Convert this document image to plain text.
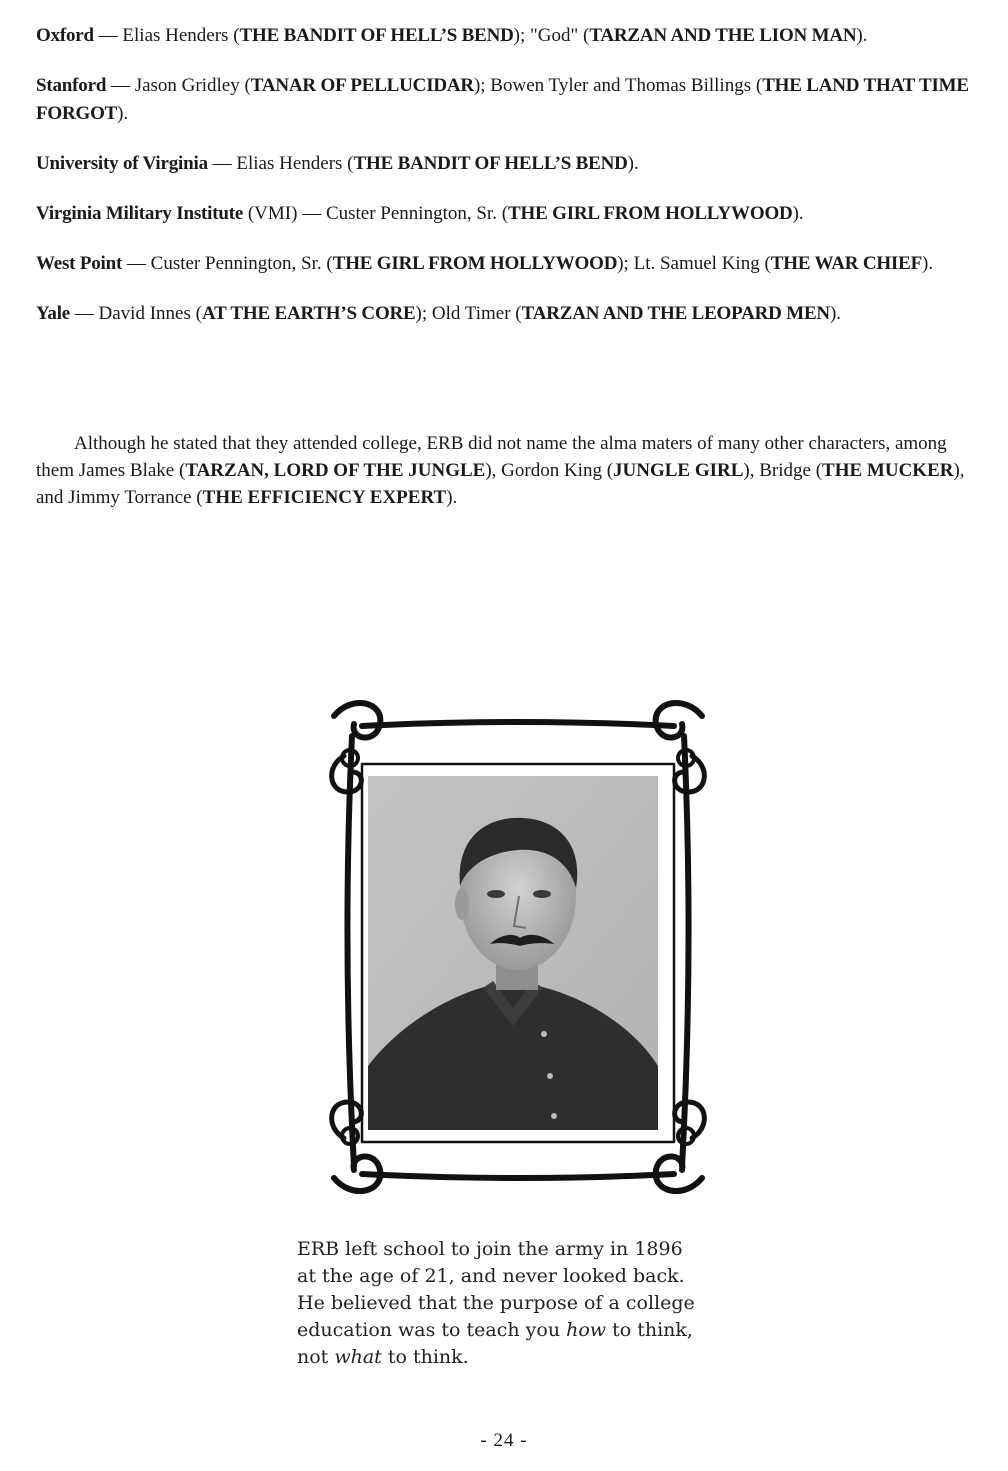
Oxford — Elias Henders (THE BANDIT OF HELL’S BEND); "God" (TARZAN AND THE LION MAN).

Stanford — Jason Gridley (TANAR OF PELLUCIDAR); Bowen Tyler and Thomas Billings (THE LAND THAT TIME FORGOT).

University of Virginia — Elias Henders (THE BANDIT OF HELL’S BEND).

Virginia Military Institute (VMI) — Custer Pennington, Sr. (THE GIRL FROM HOLLYWOOD).

West Point — Custer Pennington, Sr. (THE GIRL FROM HOLLYWOOD); Lt. Samuel King (THE WAR CHIEF).

Yale — David Innes (AT THE EARTH’S CORE); Old Timer (TARZAN AND THE LEOPARD MEN).

Although he stated that they attended college, ERB did not name the alma maters of many other characters, among them James Blake (TARZAN, LORD OF THE JUNGLE), Gordon King (JUNGLE GIRL), Bridge (THE MUCKER), and Jimmy Torrance (THE EFFICIENCY EXPERT).

ERB left school to join the army in 1896
at the age of 21, and never looked back.
He believed that the purpose of a college
education was to teach you how to think,
not what to think.

- 24 -
